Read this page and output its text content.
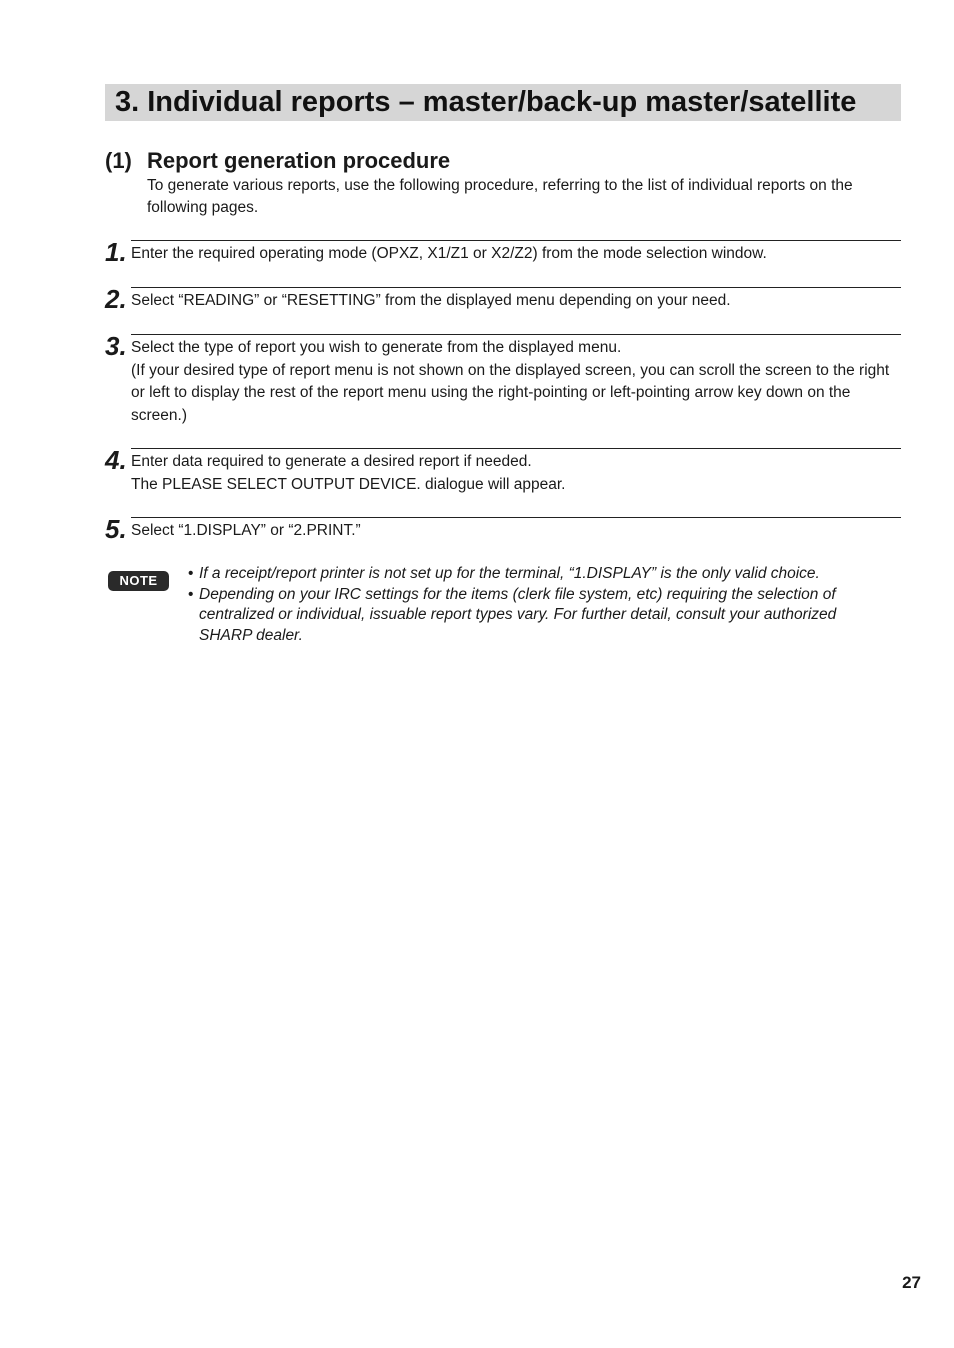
3. Individual reports – master/back-up master/satellite
(1) Report generation procedure

To generate various reports, use the following procedure, referring to the list of individual reports on the following pages.

1. Enter the required operating mode (OPXZ, X1/Z1 or X2/Z2) from the mode selection window.

2. Select “READING” or “RESETTING” from the displayed menu depending on your need.

3. Select the type of report you wish to generate from the displayed menu.
(If your desired type of report menu is not shown on the displayed screen, you can scroll the screen to the right or left to display the rest of the report menu using the right-pointing or left-pointing arrow key down on the screen.)

4. Enter data required to generate a desired report if needed.
The PLEASE SELECT OUTPUT DEVICE. dialogue will appear.

5. Select “1.DISPLAY” or “2.PRINT.”

NOTE
•	If a receipt/report printer is not set up for the terminal, “1.DISPLAY” is the only valid choice.
• Depending on your IRC settings for the items (clerk file system, etc) requiring the selection of centralized or individual, issuable report types vary. For further detail, consult your authorized SHARP dealer.
27
